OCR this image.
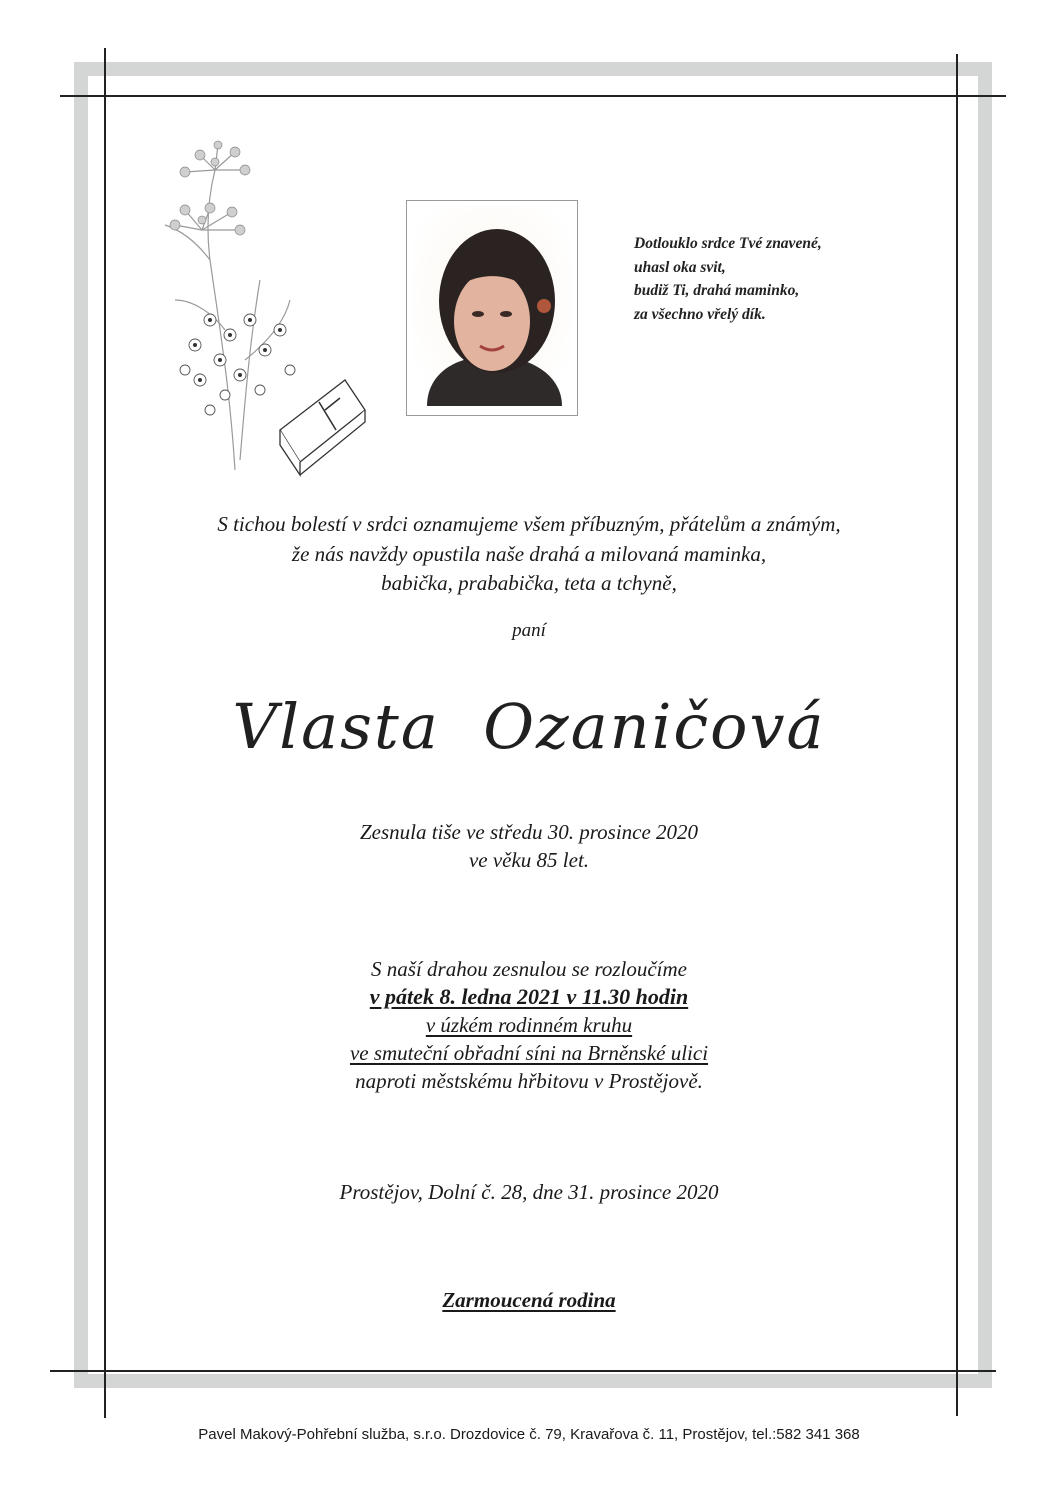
Dotlouklo srdce Tvé znavené,
uhasl oka svit,
budiž Ti, drahá maminko,
za všechno vřelý dík.
S tichou bolestí v srdci oznamujeme všem příbuzným, přátelům a známým,
že nás navždy opustila naše drahá a milovaná maminka,
babička, prababička, teta a tchyně,
paní
Vlasta  Ozaničová
Zesnula tiše ve středu 30. prosince 2020
ve věku 85 let.
S naší drahou zesnulou se rozloučíme
v pátek 8. ledna 2021 v 11.30 hodin
v úzkém rodinném kruhu
ve smuteční obřadní síni na Brněnské ulici
naproti městskému hřbitovu v Prostějově.
Prostějov, Dolní č. 28, dne 31. prosince 2020
Zarmoucená rodina
Pavel Makový-Pohřební služba, s.r.o. Drozdovice č. 79, Kravařova č. 11, Prostějov, tel.:582 341 368
